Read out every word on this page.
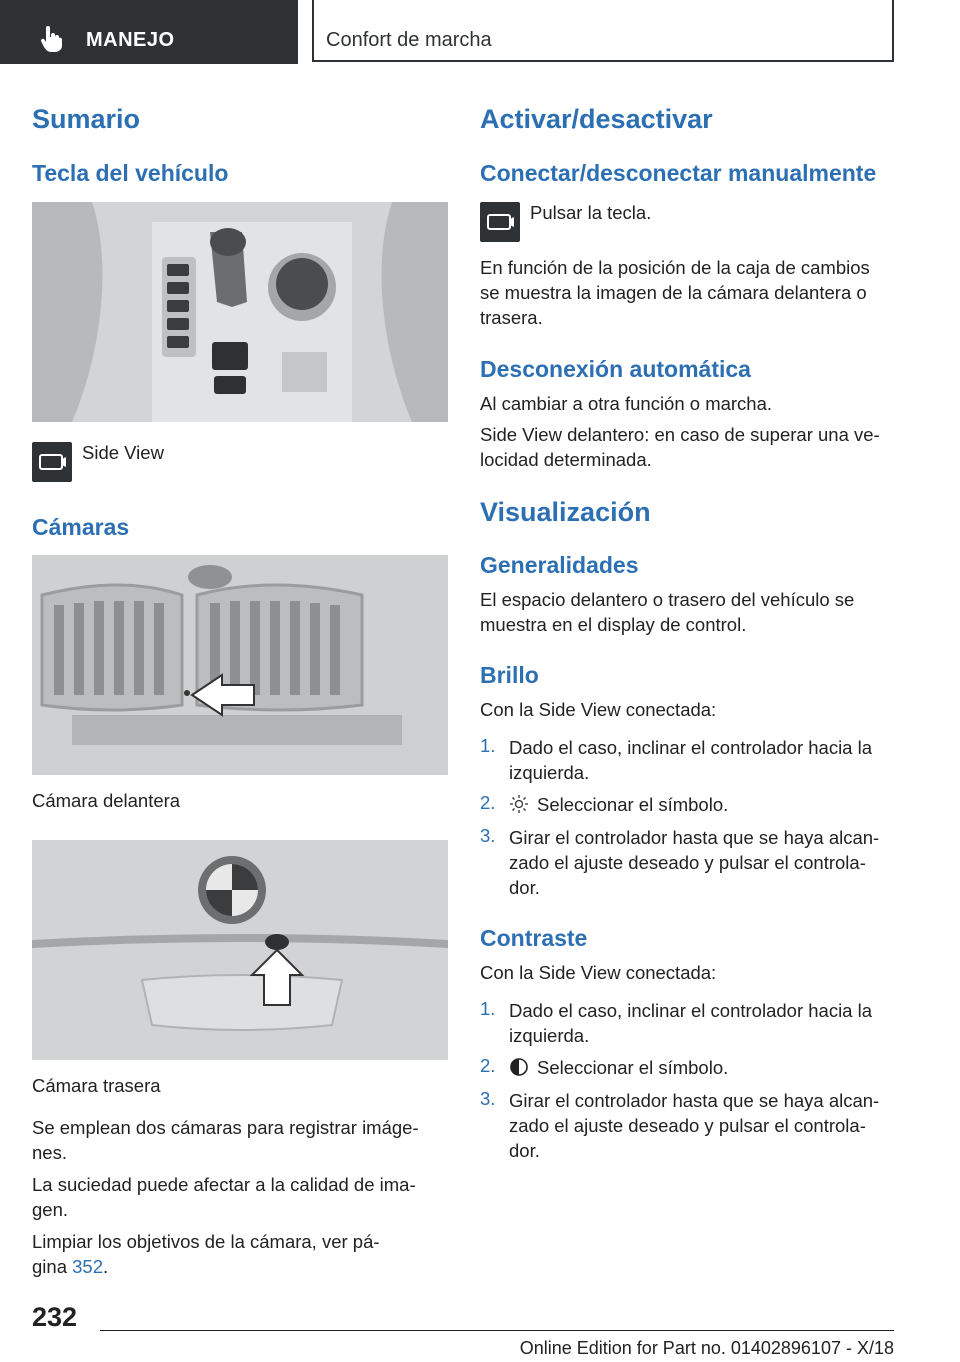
MANEJO	Confort de marcha
Sumario
Tecla del vehículo
Side View
Cámaras
Cámara delantera
Cámara trasera
Se emplean dos cámaras para registrar imáge-
nes.
La suciedad puede afectar a la calidad de ima-
gen.
Limpiar los objetivos de la cámara, ver pá-
gina 352.
Activar/desactivar
Conectar/desconectar manualmente
Pulsar la tecla.
En función de la posición de la caja de cambios
se muestra la imagen de la cámara delantera o
trasera.
Desconexión automática
Al cambiar a otra función o marcha.
Side View delantero: en caso de superar una ve-
locidad determinada.
Visualización
Generalidades
El espacio delantero o trasero del vehículo se
muestra en el display de control.
Brillo
Con la Side View conectada:
1. Dado el caso, inclinar el controlador hacia la
izquierda.
2. Seleccionar el símbolo.
3. Girar el controlador hasta que se haya alcan-
zado el ajuste deseado y pulsar el controla-
dor.
Contraste
Con la Side View conectada:
1. Dado el caso, inclinar el controlador hacia la
izquierda.
2. Seleccionar el símbolo.
3. Girar el controlador hasta que se haya alcan-
zado el ajuste deseado y pulsar el controla-
dor.
232
Online Edition for Part no. 01402896107 - X/18
